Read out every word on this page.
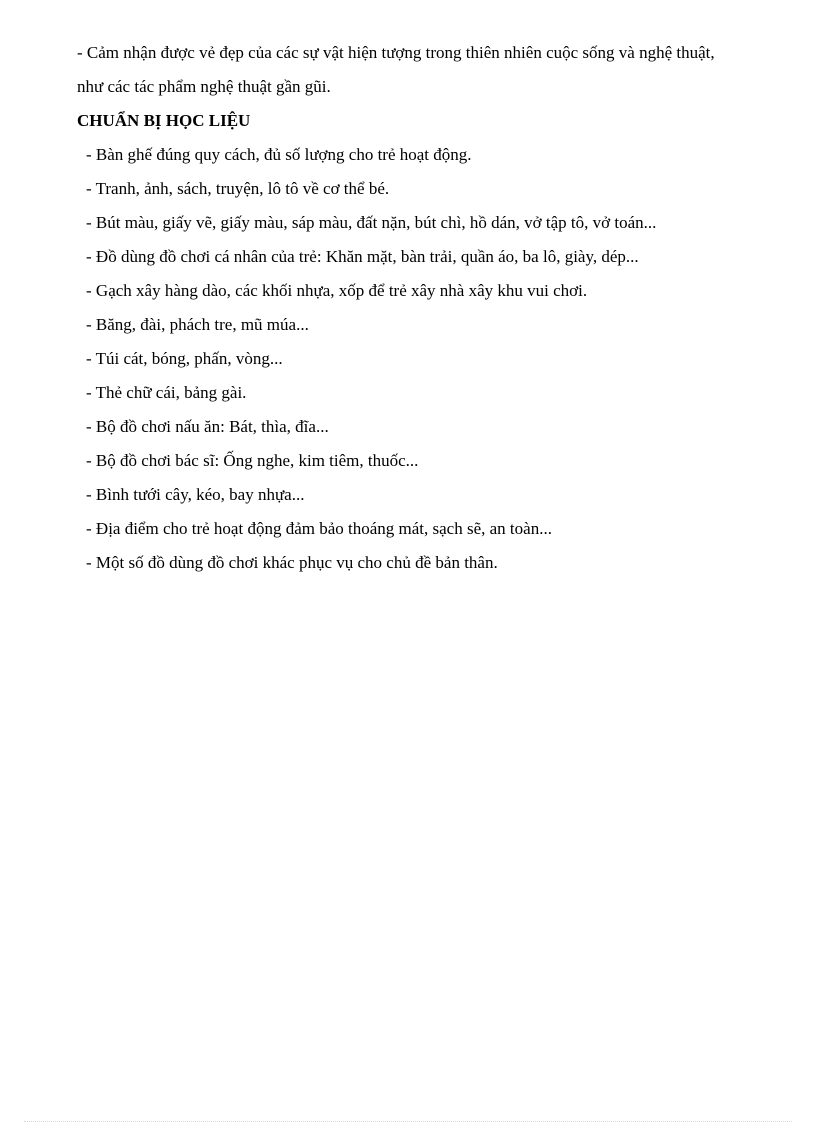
- Cảm nhận được vẻ đẹp của các sự vật hiện tượng trong thiên nhiên cuộc sống và nghệ thuật,
như các tác phẩm nghệ thuật gần gũi.
CHUẨN BỊ HỌC LIỆU
- Bàn ghế đúng quy cách, đủ số lượng cho trẻ hoạt động.
- Tranh, ảnh, sách, truyện, lô tô về cơ thể bé.
- Bút màu, giấy vẽ, giấy màu, sáp màu, đất nặn, bút chì, hồ dán, vở tập tô, vở toán...
- Đồ dùng đồ chơi cá nhân của trẻ: Khăn mặt, bàn trải, quần áo, ba lô, giày, dép...
- Gạch xây hàng dào, các khối nhựa, xốp để trẻ xây nhà xây khu vui chơi.
- Băng, đài, phách tre, mũ múa...
- Túi cát, bóng, phấn, vòng...
- Thẻ chữ cái, bảng gài.
- Bộ đồ chơi nấu ăn: Bát, thìa, đĩa...
- Bộ đồ chơi bác sĩ: Ống nghe, kim tiêm, thuốc...
- Bình tưới cây, kéo, bay nhựa...
- Địa điểm cho trẻ hoạt động đảm bảo thoáng mát, sạch sẽ, an toàn...
- Một số đồ dùng đồ chơi khác phục vụ cho chủ đề bản thân.
